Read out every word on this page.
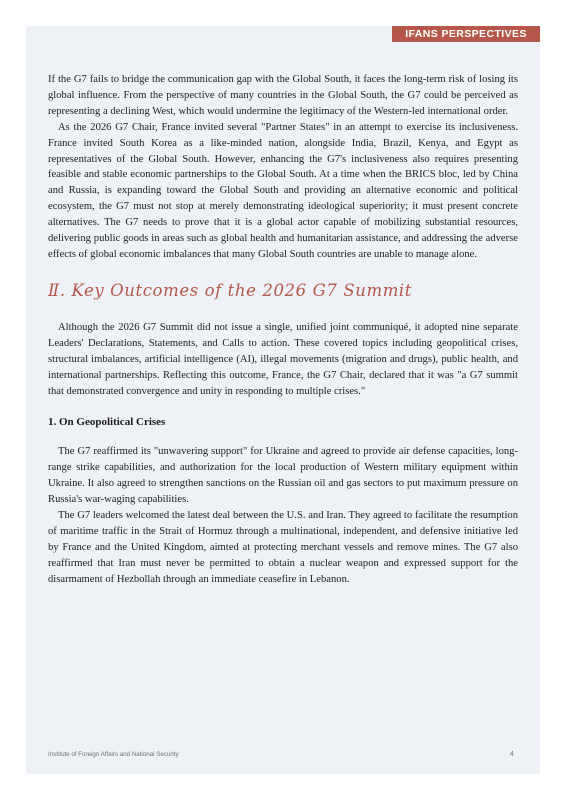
IFANS PERSPECTIVES

If the G7 fails to bridge the communication gap with the Global South, it faces the long-term risk of losing its global influence. From the perspective of many countries in the Global South, the G7 could be perceived as representing a declining West, which would undermine the legitimacy of the Western-led international order.

As the 2026 G7 Chair, France invited several "Partner States" in an attempt to exercise its inclusiveness. France invited South Korea as a like-minded nation, alongside India, Brazil, Kenya, and Egypt as representatives of the Global South. However, enhancing the G7's inclusiveness also requires presenting feasible and stable economic partnerships to the Global South. At a time when the BRICS bloc, led by China and Russia, is expanding toward the Global South and providing an alternative economic and political ecosystem, the G7 must not stop at merely demonstrating ideological superiority; it must present concrete alternatives. The G7 needs to prove that it is a global actor capable of mobilizing substantial resources, delivering public goods in areas such as global health and humanitarian assistance, and addressing the adverse effects of global economic imbalances that many Global South countries are unable to manage alone.

Ⅱ. Key Outcomes of the 2026 G7 Summit

Although the 2026 G7 Summit did not issue a single, unified joint communiqué, it adopted nine separate Leaders' Declarations, Statements, and Calls to action. These covered topics including geopolitical crises, structural imbalances, artificial intelligence (AI), illegal movements (migration and drugs), public health, and international partnerships. Reflecting this outcome, France, the G7 Chair, declared that it was "a G7 summit that demonstrated convergence and unity in responding to multiple crises."

1. On Geopolitical Crises

The G7 reaffirmed its "unwavering support" for Ukraine and agreed to provide air defense capacities, long-range strike capabilities, and authorization for the local production of Western military equipment within Ukraine. It also agreed to strengthen sanctions on the Russian oil and gas sectors to put maximum pressure on Russia's war-waging capabilities.

The G7 leaders welcomed the latest deal between the U.S. and Iran. They agreed to facilitate the resumption of maritime traffic in the Strait of Hormuz through a multinational, independent, and defensive initiative led by France and the United Kingdom, aimted at protecting merchant vessels and remove mines. The G7 also reaffirmed that Iran must never be permitted to obtain a nuclear weapon and expressed support for the disarmament of Hezbollah through an immediate ceasefire in Lebanon.

Institute of Foreign Affairs and National Security	4
